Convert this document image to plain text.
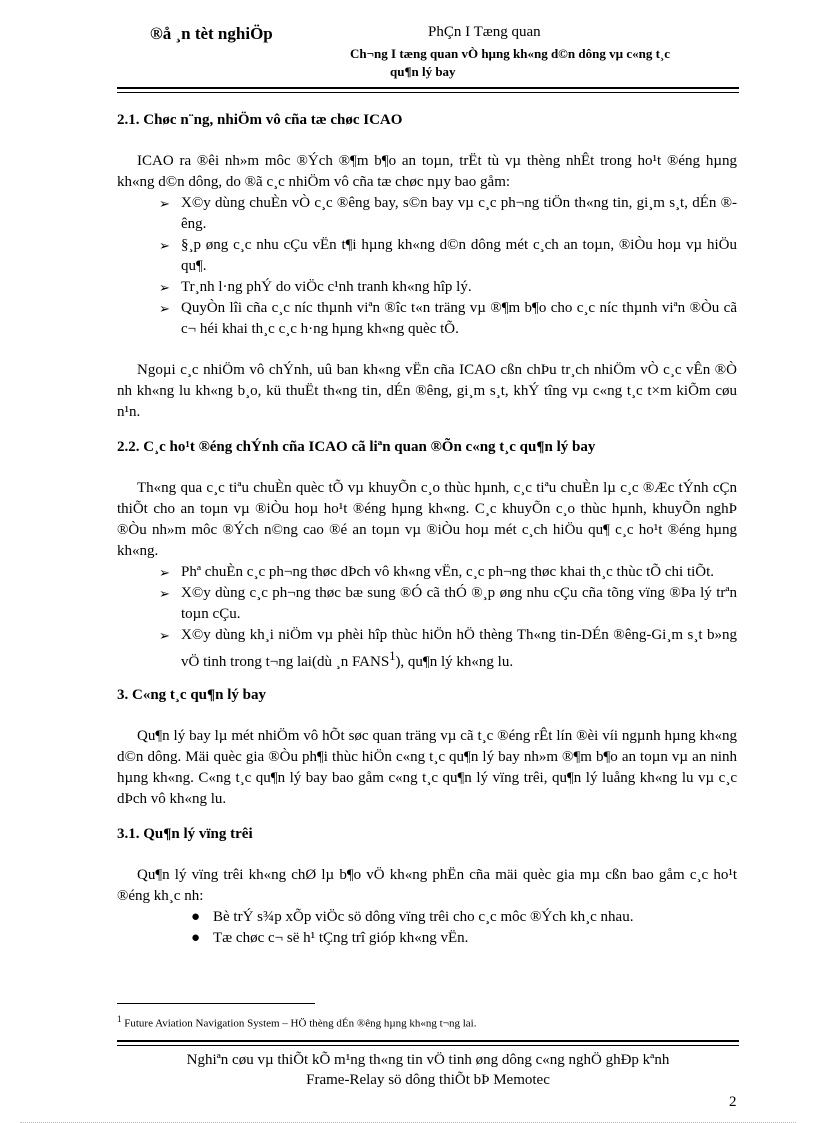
®å ¸n tèt nghiÖp	PhÇn I Tæng quan
Ch¬ng I tæng quan vÒ hµng kh«ng d©n dông vµ c«ng t¸c
qu¶n lý bay
2.1. Chøc n¨ng, nhiÖm vô cña tæ chøc ICAO

ICAO ra ®êi nh»m môc ®Ých ®¶m b¶o an toµn, trËt tù vµ thèng nhÊt trong ho¹t ®éng hµng kh«ng d©n dông, do ®ã c¸c nhiÖm vô cña tæ chøc nµy bao gåm:

➢ X©y dùng chuÈn vÒ c¸c ®êng bay, s©n bay vµ c¸c ph¬ng tiÖn th«ng tin, gi¸m s¸t, dÉn ®êng.
➢ §¸p øng c¸c nhu cÇu vËn t¶i hµng kh«ng d©n dông mét c¸ch an toµn, ®iÒu hoµ vµ hiÖu qu¶.
➢ Tr¸nh l·ng phÝ do viÖc c¹nh tranh kh«ng hîp lý.
➢ QuyÒn lîi cña c¸c níc thµnh viªn ®îc t«n träng vµ ®¶m b¶o cho c¸c níc thµnh viªn ®Òu cã c¬ héi khai th¸c c¸c h·ng hµng kh«ng quèc tÕ.

Ngoµi c¸c nhiÖm vô chÝnh, uû ban kh«ng vËn cña ICAO cßn chÞu tr¸ch nhiÖm vÒ c¸c vÊn ®Ò nh kh«ng lu kh«ng b¸o, kü thuËt th«ng tin, dÉn ®êng, gi¸m s¸t, khÝ tîng vµ c«ng t¸c t×m kiÕm cøu n¹n.

2.2. C¸c ho¹t ®éng chÝnh cña ICAO cã liªn quan ®Õn c«ng t¸c qu¶n lý bay

Th«ng qua c¸c tiªu chuÈn quèc tÕ vµ khuyÕn c¸o thùc hµnh, c¸c tiªu chuÈn lµ c¸c ®Æc tÝnh cÇn thiÕt cho an toµn vµ ®iÒu hoµ ho¹t ®éng hµng kh«ng. C¸c khuyÕn c¸o thùc hµnh, khuyÕn nghÞ ®Òu nh»m môc ®Ých n©ng cao ®é an toµn vµ ®iÒu hoµ mét c¸ch hiÖu qu¶ c¸c ho¹t ®éng hµng kh«ng.

➢ Phª chuÈn c¸c ph¬ng thøc dÞch vô kh«ng vËn, c¸c ph¬ng thøc khai th¸c thùc tÕ chi tiÕt.
➢ X©y dùng c¸c ph¬ng thøc bæ sung ®Ó cã thÓ ®¸p øng nhu cÇu cña tõng vïng ®Þa lý trªn toµn cÇu.
➢ X©y dùng kh¸i niÖm vµ phèi hîp thùc hiÖn hÖ thèng Th«ng tin-DÉn ®êng-Gi¸m s¸t b»ng vÖ tinh trong t¬ng lai(dù ¸n FANS$^1$), qu¶n lý kh«ng lu.
3. C«ng t¸c qu¶n lý bay

Qu¶n lý bay lµ mét nhiÖm vô hÕt søc quan träng vµ cã t¸c ®éng rÊt lín ®èi víi ngµnh hµng kh«ng d©n dông. Mäi quèc gia ®Òu ph¶i thùc hiÖn c«ng t¸c qu¶n lý bay nh»m ®¶m b¶o an toµn vµ an ninh hµng kh«ng. C«ng t¸c qu¶n lý bay bao gåm c«ng t¸c qu¶n lý vïng trêi, qu¶n lý luång kh«ng lu vµ c¸c dÞch vô kh«ng lu.

3.1. Qu¶n lý vïng trêi

Qu¶n lý vïng trêi kh«ng chØ lµ b¶o vÖ kh«ng phËn cña mäi quèc gia mµ cßn bao gåm c¸c ho¹t ®éng kh¸c nh:

● Bè trÝ s¾p xÕp viÖc sö dông vïng trêi cho c¸c môc ®Ých kh¸c nhau.
● Tæ chøc c¬ së h¹ tÇng trî gióp kh«ng vËn.
$^1$ Future Aviation Navigation System – HÖ thèng dÉn ®êng hµng kh«ng t¬ng lai.
Nghiªn cøu vµ thiÕt kÕ m¹ng th«ng tin vÖ tinh øng dông c«ng nghÖ ghÐp kªnh
Frame-Relay sö dông thiÕt bÞ Memotec
2
